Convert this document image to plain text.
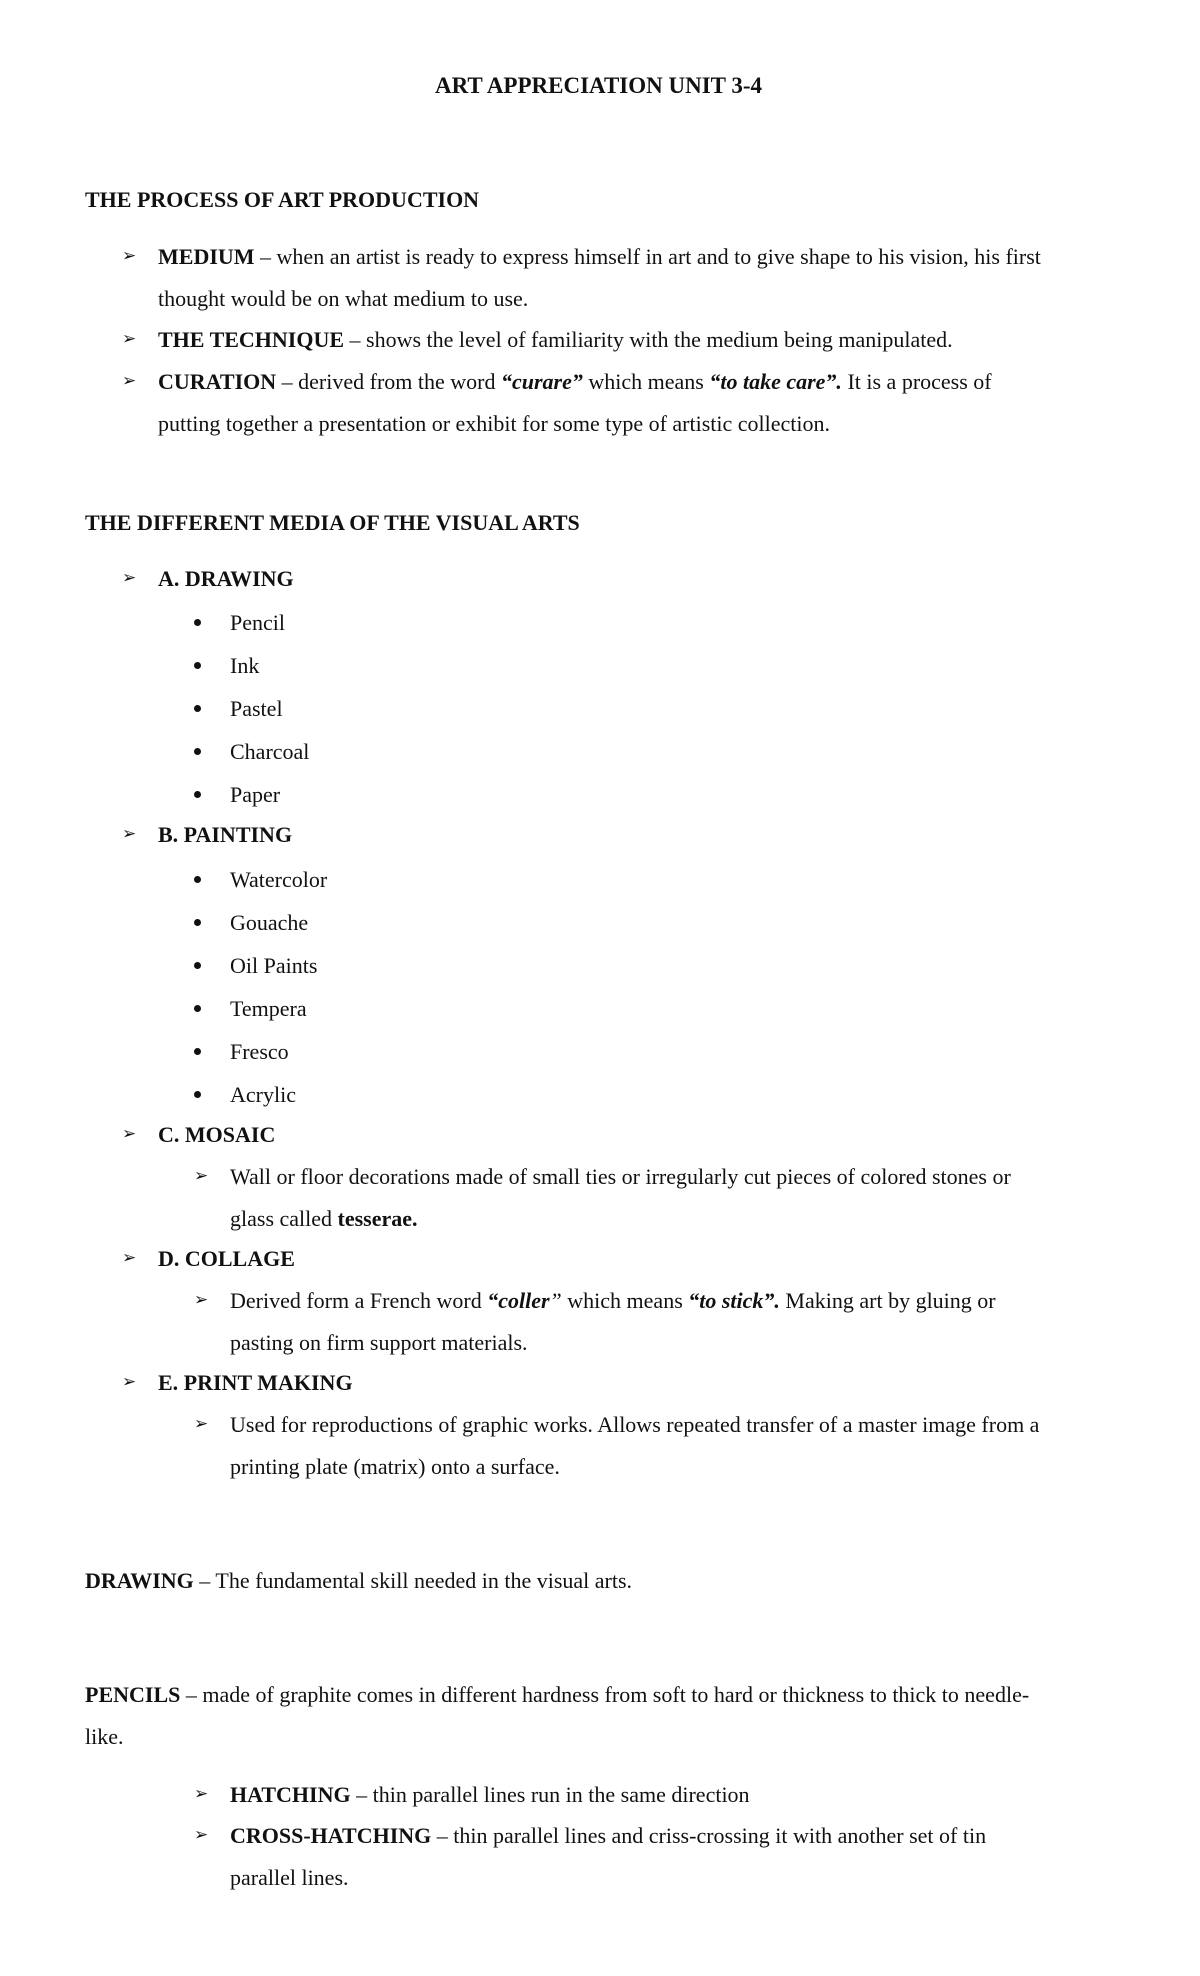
ART APPRECIATION UNIT 3-4
THE PROCESS OF ART PRODUCTION
➢ MEDIUM – when an artist is ready to express himself in art and to give shape to his vision, his first
thought would be on what medium to use.
➢ THE TECHNIQUE – shows the level of familiarity with the medium being manipulated.
➢ CURATION – derived from the word “curare” which means “to take care”. It is a process of
putting together a presentation or exhibit for some type of artistic collection.
THE DIFFERENT MEDIA OF THE VISUAL ARTS
➢ A. DRAWING
Pencil
Ink
Pastel
Charcoal
Paper
➢ B. PAINTING
Watercolor
Gouache
Oil Paints
Tempera
Fresco
Acrylic
➢ C. MOSAIC
➢ Wall or floor decorations made of small ties or irregularly cut pieces of colored stones or
glass called tesserae.
➢ D. COLLAGE
➢ Derived form a French word “coller” which means “to stick”. Making art by gluing or
pasting on firm support materials.
➢ E. PRINT MAKING
➢ Used for reproductions of graphic works. Allows repeated transfer of a master image from a
printing plate (matrix) onto a surface.
DRAWING – The fundamental skill needed in the visual arts.
PENCILS – made of graphite comes in different hardness from soft to hard or thickness to thick to needle-
like.
➢ HATCHING – thin parallel lines run in the same direction
➢ CROSS-HATCHING – thin parallel lines and criss-crossing it with another set of tin
parallel lines.
